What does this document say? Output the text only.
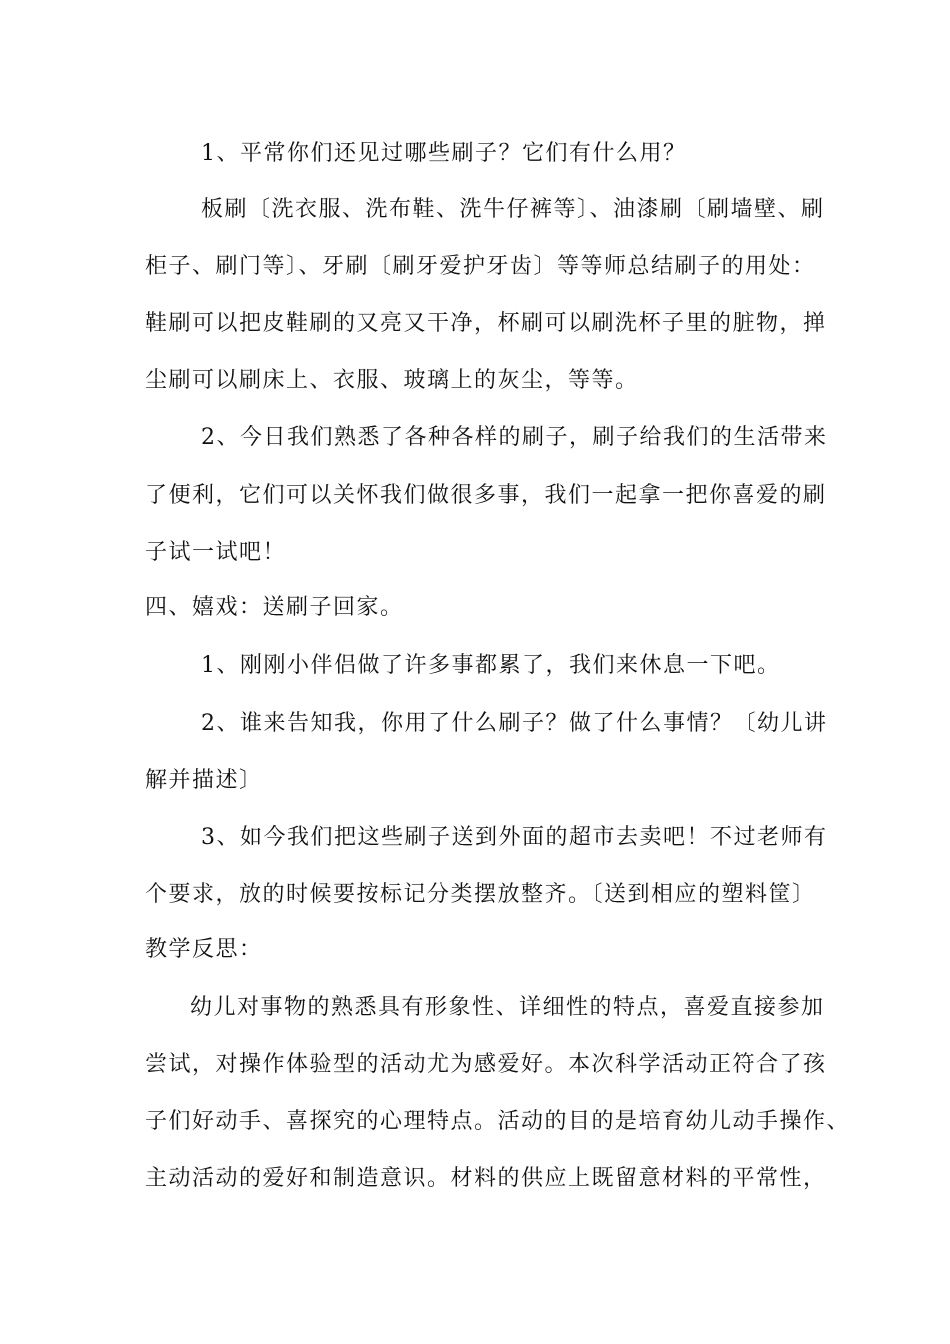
1、平常你们还见过哪些刷子？它们有什么用？
板刷〔洗衣服、洗布鞋、洗牛仔裤等〕、油漆刷〔刷墙壁、刷
柜子、刷门等〕、牙刷〔刷牙爱护牙齿〕等等师总结刷子的用处：
鞋刷可以把皮鞋刷的又亮又干净，杯刷可以刷洗杯子里的脏物，掸
尘刷可以刷床上、衣服、玻璃上的灰尘，等等。
2、今日我们熟悉了各种各样的刷子，刷子给我们的生活带来
了便利，它们可以关怀我们做很多事，我们一起拿一把你喜爱的刷
子试一试吧！
四、嬉戏：送刷子回家。
1、刚刚小伴侣做了许多事都累了，我们来休息一下吧。
2、谁来告知我，你用了什么刷子？做了什么事情？〔幼儿讲
解并描述〕
3、如今我们把这些刷子送到外面的超市去卖吧！不过老师有
个要求，放的时候要按标记分类摆放整齐。〔送到相应的塑料筐〕
教学反思：
幼儿对事物的熟悉具有形象性、详细性的特点，喜爱直接参加
尝试，对操作体验型的活动尤为感爱好。本次科学活动正符合了孩
子们好动手、喜探究的心理特点。活动的目的是培育幼儿动手操作、
主动活动的爱好和制造意识。材料的供应上既留意材料的平常性，
